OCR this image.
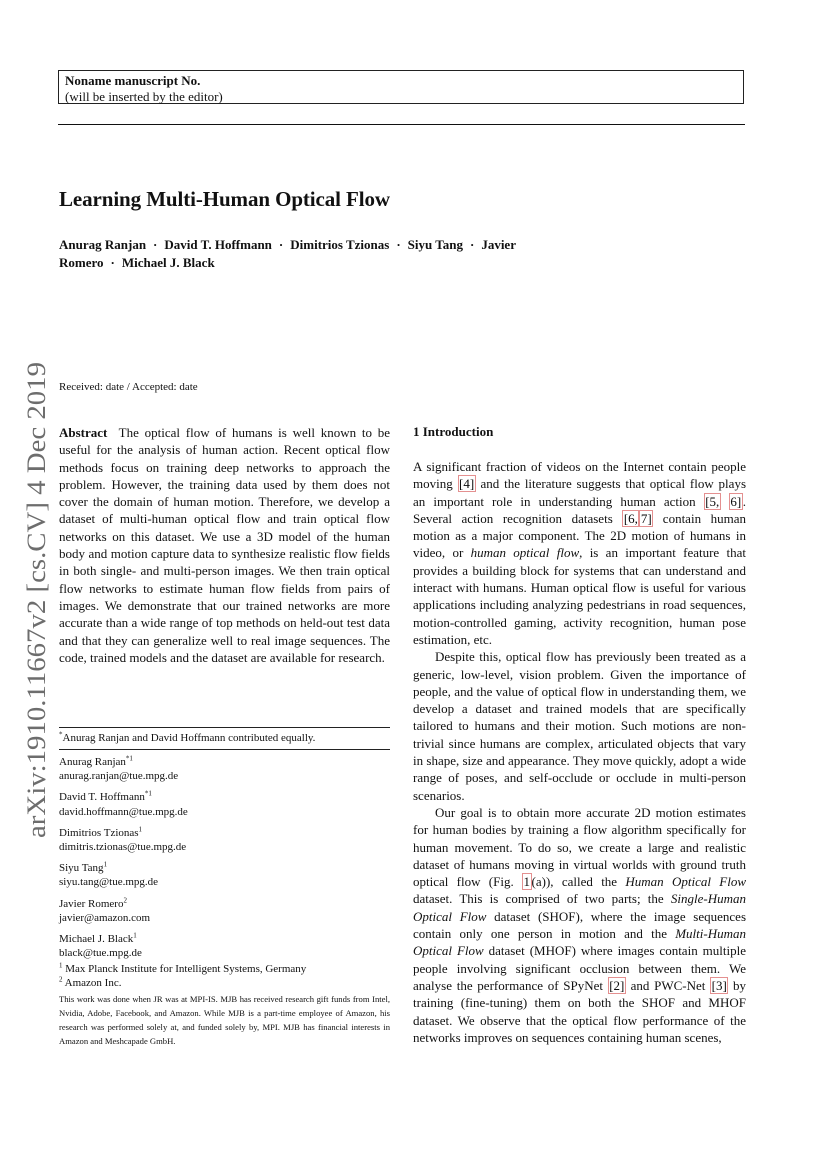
Noname manuscript No.
(will be inserted by the editor)
Learning Multi-Human Optical Flow
Anurag Ranjan · David T. Hoffmann · Dimitrios Tzionas · Siyu Tang · Javier
Romero · Michael J. Black
arXiv:1910.11667v2 [cs.CV] 4 Dec 2019
Received: date / Accepted: date
Abstract The optical flow of humans is well known to be useful for the analysis of human action. Recent optical flow methods focus on training deep networks to approach the problem. However, the training data used by them does not cover the domain of human motion. Therefore, we develop a dataset of multi-human optical flow and train optical flow networks on this dataset. We use a 3D model of the human body and motion capture data to synthesize realistic flow fields in both single- and multi-person images. We then train optical flow networks to estimate human flow fields from pairs of images. We demonstrate that our trained networks are more accurate than a wide range of top methods on held-out test data and that they can generalize well to real image sequences. The code, trained models and the dataset are available for research.
*Anurag Ranjan and David Hoffmann contributed equally.
Anurag Ranjan$^{*1}$
anurag.ranjan@tue.mpg.de
David T. Hoffmann$^{*1}$
david.hoffmann@tue.mpg.de
Dimitrios Tzionas$^1$
dimitris.tzionas@tue.mpg.de
Siyu Tang$^1$
siyu.tang@tue.mpg.de
Javier Romero$^2$
javier@amazon.com
Michael J. Black$^1$
black@tue.mpg.de
$^1$ Max Planck Institute for Intelligent Systems, Germany
$^2$ Amazon Inc.
This work was done when JR was at MPI-IS. MJB has received research gift funds from Intel, Nvidia, Adobe, Facebook, and Amazon. While MJB is a part-time employee of Amazon, his research was performed solely at, and funded solely by, MPI. MJB has financial interests in Amazon and Meshcapade GmbH.
1 Introduction

A significant fraction of videos on the Internet contain people moving [4] and the literature suggests that optical flow plays an important role in understanding human action [5, 6] . Several action recognition datasets [6, 7] contain human motion as a major component. The 2D motion of humans in video, or human optical flow, is an important feature that provides a building block for systems that can understand and interact with humans. Human optical flow is useful for various applications including analyzing pedestrians in road sequences, motion-controlled gaming, activity recognition, human pose estimation, etc.

Despite this, optical flow has previously been treated as a generic, low-level, vision problem. Given the importance of people, and the value of optical flow in understanding them, we develop a dataset and trained models that are specifically tailored to humans and their motion. Such motions are non-trivial since humans are complex, articulated objects that vary in shape, size and appearance. They move quickly, adopt a wide range of poses, and self-occlude or occlude in multi-person scenarios.

Our goal is to obtain more accurate 2D motion estimates for human bodies by training a flow algorithm specifically for human movement. To do so, we create a large and realistic dataset of humans moving in virtual worlds with ground truth optical flow (Fig. 1 (a)), called the Human Optical Flow dataset. This is comprised of two parts; the Single-Human Optical Flow dataset (SHOF), where the image sequences contain only one person in motion and the Multi-Human Optical Flow dataset (MHOF) where images contain multiple people involving significant occlusion between them. We analyse the performance of SPyNet [2] and PWC-Net [3] by training (fine-tuning) them on both the SHOF and MHOF dataset. We observe that the optical flow performance of the networks improves on sequences containing human scenes,
